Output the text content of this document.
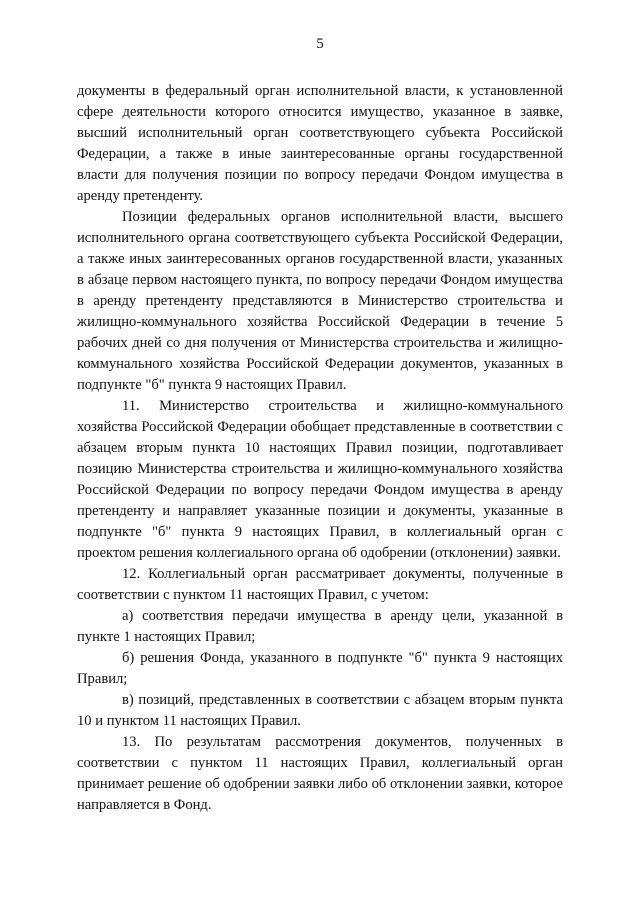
5

документы в федеральный орган исполнительной власти, к установленной сфере деятельности которого относится имущество, указанное в заявке, высший исполнительный орган соответствующего субъекта Российской Федерации, а также в иные заинтересованные органы государственной власти для получения позиции по вопросу передачи Фондом имущества в аренду претенденту.

Позиции федеральных органов исполнительной власти, высшего исполнительного органа соответствующего субъекта Российской Федерации, а также иных заинтересованных органов государственной власти, указанных в абзаце первом настоящего пункта, по вопросу передачи Фондом имущества в аренду претенденту представляются в Министерство строительства и жилищно-коммунального хозяйства Российской Федерации в течение 5 рабочих дней со дня получения от Министерства строительства и жилищно-коммунального хозяйства Российской Федерации документов, указанных в подпункте "б" пункта 9 настоящих Правил.

11. Министерство строительства и жилищно-коммунального хозяйства Российской Федерации обобщает представленные в соответствии с абзацем вторым пункта 10 настоящих Правил позиции, подготавливает позицию Министерства строительства и жилищно-коммунального хозяйства Российской Федерации по вопросу передачи Фондом имущества в аренду претенденту и направляет указанные позиции и документы, указанные в подпункте "б" пункта 9 настоящих Правил, в коллегиальный орган с проектом решения коллегиального органа об одобрении (отклонении) заявки.

12. Коллегиальный орган рассматривает документы, полученные в соответствии с пунктом 11 настоящих Правил, с учетом:

а) соответствия передачи имущества в аренду цели, указанной в пункте 1 настоящих Правил;

б) решения Фонда, указанного в подпункте "б" пункта 9 настоящих Правил;

в) позиций, представленных в соответствии с абзацем вторым пункта 10 и пунктом 11 настоящих Правил.

13. По результатам рассмотрения документов, полученных в соответствии с пунктом 11 настоящих Правил, коллегиальный орган принимает решение об одобрении заявки либо об отклонении заявки, которое направляется в Фонд.
